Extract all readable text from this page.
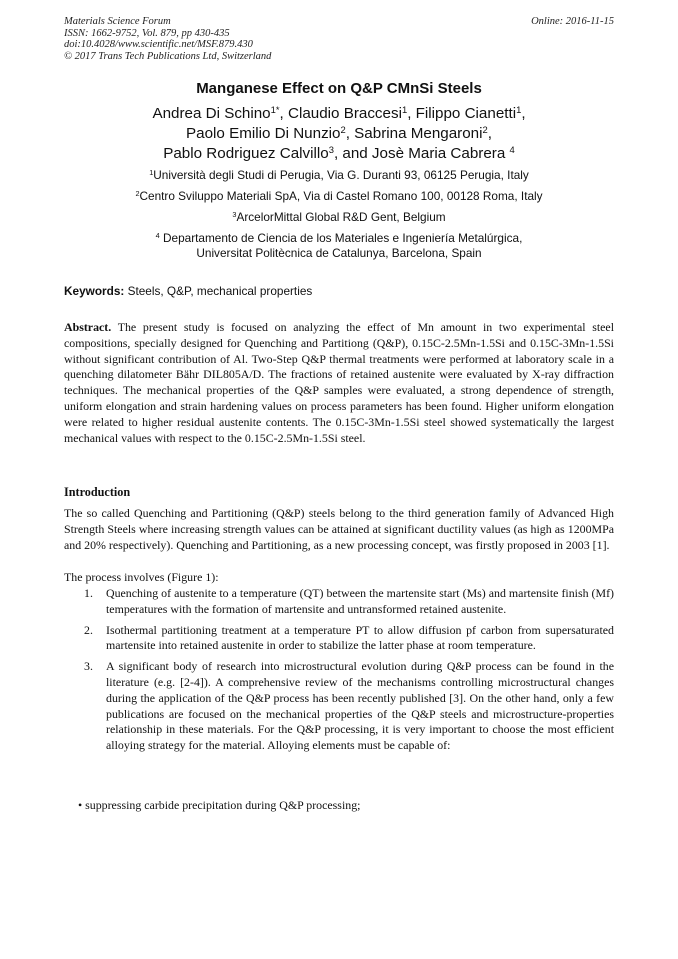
Materials Science Forum
ISSN: 1662-9752, Vol. 879, pp 430-435
doi:10.4028/www.scientific.net/MSF.879.430
© 2017 Trans Tech Publications Ltd, Switzerland
Online: 2016-11-15
Manganese Effect on Q&P CMnSi Steels
Andrea Di Schino$^{1*}$, Claudio Braccesi$^1$, Filippo Cianetti$^1$,
Paolo Emilio Di Nunzio$^2$, Sabrina Mengaroni$^2$,
Pablo Rodriguez Calvillo$^3$, and Josè Maria Cabrera $^4$

$^1$Università degli Studi di Perugia, Via G. Duranti 93, 06125 Perugia, Italy

$^2$Centro Sviluppo Materiali SpA, Via di Castel Romano 100, 00128 Roma, Italy

$^3$ArcelorMittal Global R&D Gent, Belgium

$^4$ Departamento de Ciencia de los Materiales e Ingeniería Metalúrgica,
Universitat Politècnica de Catalunya, Barcelona, Spain

Keywords: Steels, Q&P, mechanical properties

Abstract. The present study is focused on analyzing the effect of Mn amount in two experimental steel compositions, specially designed for Quenching and Partitiong (Q&P), 0.15C-2.5Mn-1.5Si and 0.15C-3Mn-1.5Si without significant contribution of Al. Two-Step Q&P thermal treatments were performed at laboratory scale in a quenching dilatometer Bähr DIL805A/D. The fractions of retained austenite were evaluated by X-ray diffraction techniques. The mechanical properties of the Q&P samples were evaluated, a strong dependence of strength, uniform elongation and strain hardening values on process parameters has been found. Higher uniform elongation were related to higher residual austenite contents. The 0.15C-3Mn-1.5Si steel showed systematically the largest mechanical values with respect to the 0.15C-2.5Mn-1.5Si steel.

Introduction

The so called Quenching and Partitioning (Q&P) steels belong to the third generation family of Advanced High Strength Steels where increasing strength values can be attained at significant ductility values (as high as 1200MPa and 20% respectively). Quenching and Partitioning, as a new processing concept, was firstly proposed in 2003 [1].

The process involves (Figure 1):
1. Quenching of austenite to a temperature (QT) between the martensite start (Ms) and martensite finish (Mf) temperatures with the formation of martensite and untransformed retained austenite.
2. Isothermal partitioning treatment at a temperature PT to allow diffusion pf carbon from supersaturated martensite into retained austenite in order to stabilize the latter phase at room temperature.
3. A significant body of research into microstructural evolution during Q&P process can be found in the literature (e.g. [2-4]). A comprehensive review of the mechanisms controlling microstructural changes during the application of the Q&P process has been recently published [3]. On the other hand, only a few publications are focused on the mechanical properties of the Q&P steels and microstructure-properties relationship in these materials. For the Q&P processing, it is very important to choose the most efficient alloying strategy for the material. Alloying elements must be capable of:
• suppressing carbide precipitation during Q&P processing;
